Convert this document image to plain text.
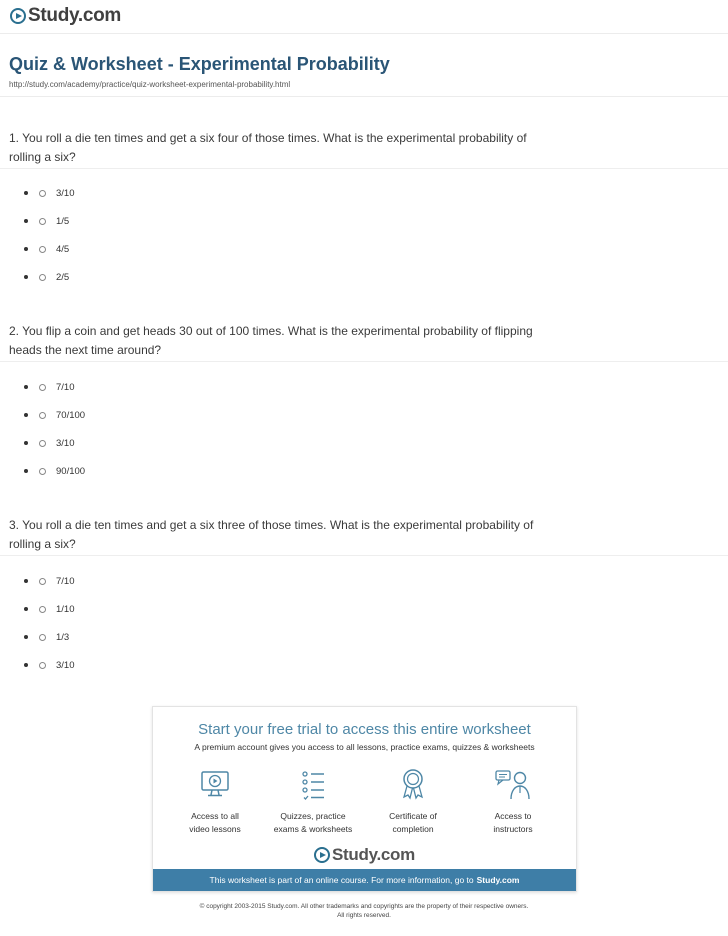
Study.com
Quiz & Worksheet - Experimental Probability
http://study.com/academy/practice/quiz-worksheet-experimental-probability.html
1. You roll a die ten times and get a six four of those times. What is the experimental probability of
rolling a six?
3/10
1/5
4/5
2/5
2. You flip a coin and get heads 30 out of 100 times. What is the experimental probability of flipping
heads the next time around?
7/10
70/100
3/10
90/100
3. You roll a die ten times and get a six three of those times. What is the experimental probability of
rolling a six?
7/10
1/10
1/3
3/10
Start your free trial to access this entire worksheet
A premium account gives you access to all lessons, practice exams, quizzes & worksheets
Access to all
video lessons
Quizzes, practice
exams & worksheets
Certificate of
completion
Access to
instructors
Study.com
This worksheet is part of an online course. For more information, go to Study.com
© copyright 2003-2015 Study.com. All other trademarks and copyrights are the property of their respective owners.
All rights reserved.
